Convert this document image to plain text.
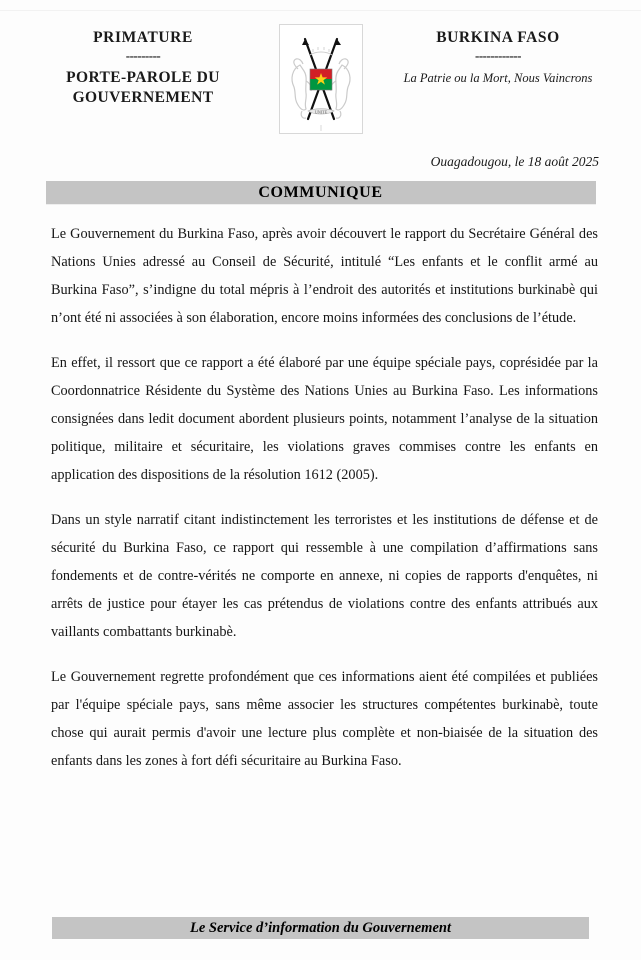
PRIMATURE
---------
PORTE-PAROLE DU GOUVERNEMENT
UNITE
BURKINA FASO
------------
La Patrie ou la Mort, Nous Vaincrons
Ouagadougou, le 18 août 2025
COMMUNIQUE

Le Gouvernement du Burkina Faso, après avoir découvert le rapport du Secrétaire Général des Nations Unies adressé au Conseil de Sécurité, intitulé “Les enfants et le conflit armé au Burkina Faso”, s’indigne du total mépris à l’endroit des autorités et institutions burkinabè qui n’ont été ni associées à son élaboration, encore moins informées des conclusions de l’étude.

En effet, il ressort que ce rapport a été élaboré par une équipe spéciale pays, coprésidée par la Coordonnatrice Résidente du Système des Nations Unies au Burkina Faso. Les informations consignées dans ledit document abordent plusieurs points, notamment l’analyse de la situation politique, militaire et sécuritaire, les violations graves commises contre les enfants en application des dispositions de la résolution 1612 (2005).

Dans un style narratif citant indistinctement les terroristes et les institutions de défense et de sécurité du Burkina Faso, ce rapport qui ressemble à une compilation d’affirmations sans fondements et de contre-vérités ne comporte en annexe, ni copies de rapports d'enquêtes, ni arrêts de justice pour étayer les cas prétendus de violations contre des enfants attribués aux vaillants combattants burkinabè.

Le Gouvernement regrette profondément que ces informations aient été compilées et publiées par l'équipe spéciale pays, sans même associer les structures compétentes burkinabè, toute chose qui aurait permis d'avoir une lecture plus complète et non-biaisée de la situation des enfants dans les zones à fort défi sécuritaire au Burkina Faso.

Le Service d’information du Gouvernement
